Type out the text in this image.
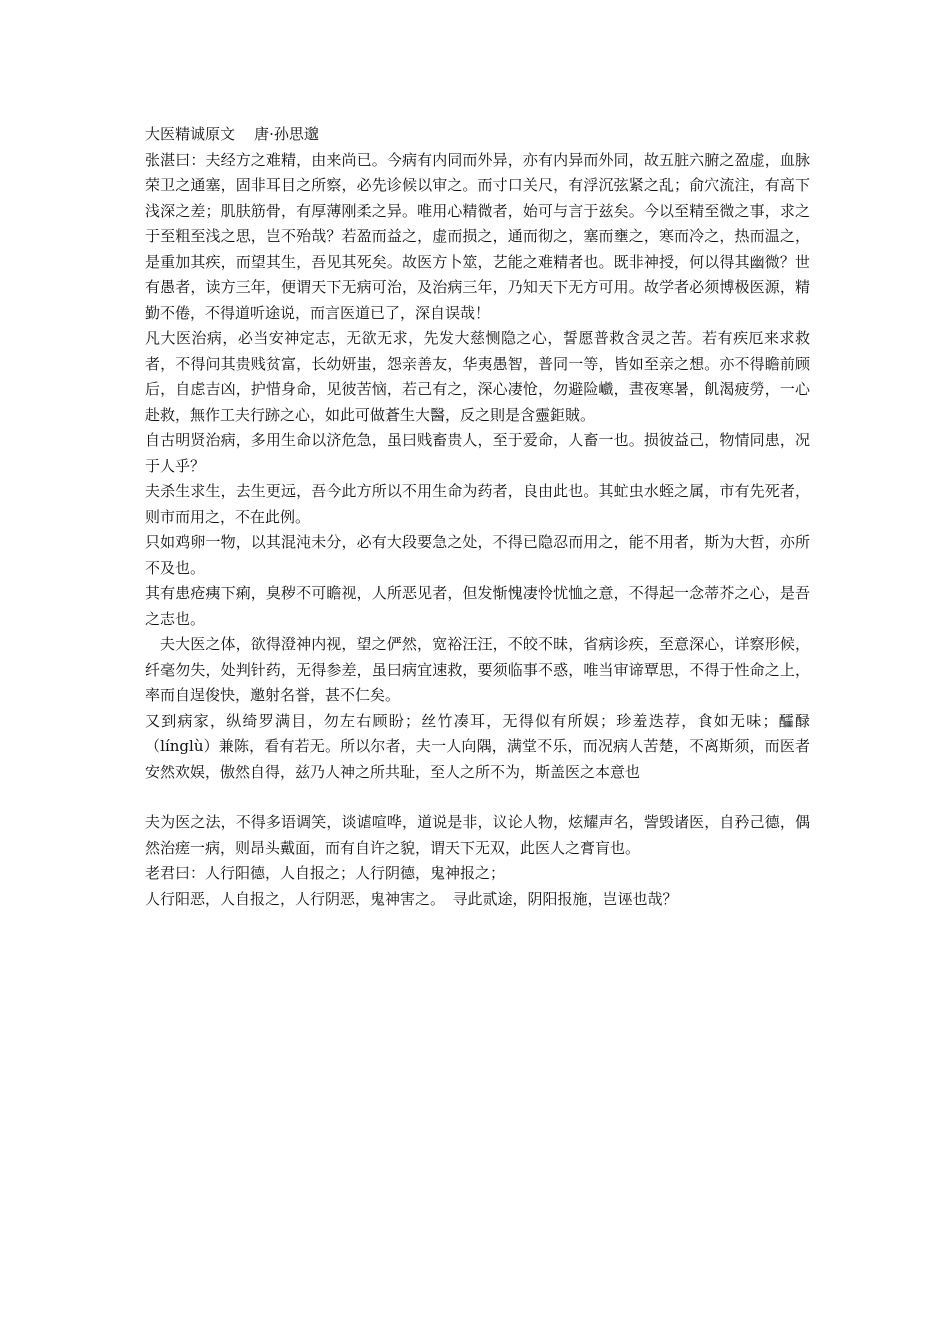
大医精诚原文 唐·孙思邈

张湛曰：夫经方之难精，由来尚已。今病有内同而外异，亦有内异而外同，故五脏六腑之盈虚，血脉荣卫之通塞，固非耳目之所察，必先诊候以审之。而寸口关尺，有浮沉弦紧之乱；俞穴流注，有高下浅深之差；肌肤筋骨，有厚薄刚柔之异。唯用心精微者，始可与言于兹矣。今以至精至微之事，求之于至粗至浅之思，岂不殆哉？若盈而益之，虚而损之，通而彻之，塞而壅之，寒而冷之，热而温之，是重加其疾，而望其生，吾见其死矣。故医方卜筮，艺能之难精者也。既非神授，何以得其幽微？世有愚者，读方三年，便谓天下无病可治，及治病三年，乃知天下无方可用。故学者必须博极医源，精勤不倦，不得道听途说，而言医道已了，深自误哉！

凡大医治病，必当安神定志，无欲无求，先发大慈恻隐之心，誓愿普救含灵之苦。若有疾厄来求救者，不得问其贵贱贫富，长幼妍蚩，怨亲善友，华夷愚智，普同一等，皆如至亲之想。亦不得瞻前顾后，自虑吉凶，护惜身命，见彼苦恼，若己有之，深心凄怆，勿避险巇，晝夜寒暑，飢渴疲勞，一心赴救，無作工夫行跡之心，如此可做蒼生大醫，反之則是含靈鉅賊。

自古明贤治病，多用生命以济危急，虽曰贱畜贵人，至于爱命，人畜一也。损彼益己，物情同患，况于人乎？

夫杀生求生，去生更远，吾今此方所以不用生命为药者，良由此也。其虻虫水蛭之属，市有先死者，则市而用之，不在此例。

只如鸡卵一物，以其混沌未分，必有大段要急之处，不得已隐忍而用之，能不用者，斯为大哲，亦所不及也。

其有患疮痍下痢，臭秽不可瞻视，人所恶见者，但发惭愧凄怜忧恤之意，不得起一念蒂芥之心，是吾之志也。

夫大医之体，欲得澄神内视，望之俨然，宽裕汪汪，不皎不昧，省病诊疾，至意深心，详察形候，纤毫勿失，处判针药，无得参差，虽曰病宜速救，要须临事不惑，唯当审谛覃思，不得于性命之上，率而自逞俊快，邀射名誉，甚不仁矣。

又到病家，纵绮罗满目，勿左右顾盼；丝竹凑耳，无得似有所娱；珍羞迭荐，食如无味；醽醁（línglù）兼陈，看有若无。所以尔者，夫一人向隅，满堂不乐，而况病人苦楚，不离斯须，而医者安然欢娱，傲然自得，兹乃人神之所共耻，至人之所不为，斯盖医之本意也

夫为医之法，不得多语调笑，谈谑喧哗，道说是非，议论人物，炫耀声名，訾毁诸医，自矜己德，偶然治瘥一病，则昂头戴面，而有自许之貌，谓天下无双，此医人之膏肓也。

老君曰：人行阳德，人自报之；人行阴德，鬼神报之；

人行阳恶，人自报之，人行阴恶，鬼神害之。　寻此贰途，阴阳报施，岂诬也哉？
